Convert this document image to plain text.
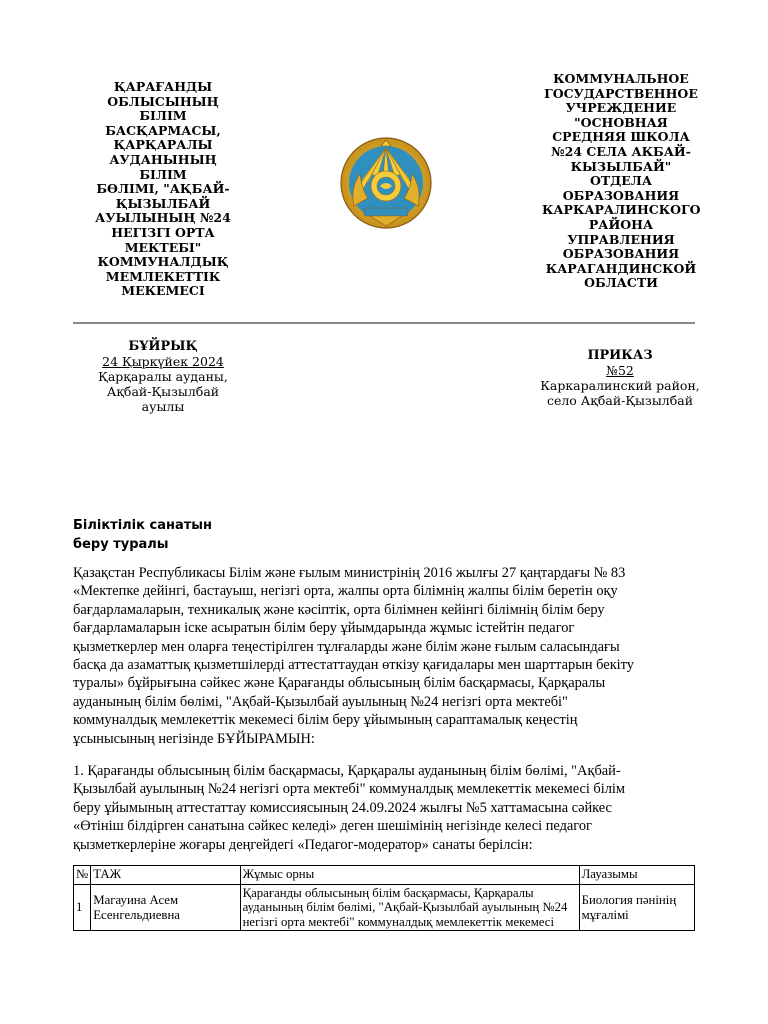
ҚАРАҒАНДЫ
ОБЛЫСЫНЫҢ
БІЛІМ
БАСҚАРМАСЫ,
ҚАРҚАРАЛЫ
АУДАНЫНЫҢ БІЛІМ
БӨЛІМІ, "АҚБАЙ-
ҚЫЗЫЛБАЙ
АУЫЛЫНЫҢ №24
НЕГІЗГІ ОРТА
МЕКТЕБІ"
КОММУНАЛДЫҚ
МЕМЛЕКЕТТІК
МЕКЕМЕСІ
КОММУНАЛЬНОЕ
ГОСУДАРСТВЕННОЕ
УЧРЕЖДЕНИЕ
"ОСНОВНАЯ
СРЕДНЯЯ ШКОЛА
№24 СЕЛА АКБАЙ-
КЫЗЫЛБАЙ"
ОТДЕЛА
ОБРАЗОВАНИЯ
КАРКАРАЛИНСКОГО
РАЙОНА
УПРАВЛЕНИЯ
ОБРАЗОВАНИЯ
КАРАГАНДИНСКОЙ
ОБЛАСТИ
БҰЙРЫҚ
24 Қыркүйек 2024
Қарқаралы ауданы,
Ақбай-Қызылбай
ауылы
ПРИКАЗ
№52
Каркаралинский район,
село Ақбай-Қызылбай
Біліктілік санатын
беру туралы
Қазақстан Республикасы Білім және ғылым министрінің 2016 жылғы 27 қаңтардағы № 83
«Мектепке дейінгі, бастауыш, негізгі орта, жалпы орта білімнің жалпы білім беретін оқу
бағдарламаларын, техникалық және кәсіптік, орта білімнен кейінгі білімнің білім беру
бағдарламаларын іске асыратын білім беру ұйымдарында жұмыс істейтін педагог
қызметкерлер мен оларға теңестірілген тұлғаларды және білім және ғылым саласындағы
басқа да азаматтық қызметшілерді аттестаттаудан өткізу қағидалары мен шарттарын бекіту
туралы» бұйрығына сәйкес және Қарағанды облысының білім басқармасы, Қарқаралы
ауданының білім бөлімі, "Ақбай-Қызылбай ауылының №24 негізгі орта мектебі"
коммуналдық мемлекеттік мекемесі білім беру ұйымының сараптамалық кеңестің
ұсынысының негізінде БҰЙЫРАМЫН:
1. Қарағанды облысының білім басқармасы, Қарқаралы ауданының білім бөлімі, "Ақбай-
Қызылбай ауылының №24 негізгі орта мектебі" коммуналдық мемлекеттік мекемесі білім
беру ұйымының аттестаттау комиссиясының 24.09.2024 жылғы №5 хаттамасына сәйкес
«Өтініш білдірген санатына сәйкес келеді» деген шешімінің негізінде келесі педагог
қызметкерлеріне жоғары деңгейдегі «Педагог-модератор» санаты берілсін:
№	ТАЖ	Жұмыс орны	Лауазымы
1	Магауина Асем Есенгельдиевна	Қарағанды облысының білім басқармасы, Қарқаралы ауданының білім бөлімі, "Ақбай-Қызылбай ауылының №24 негізгі орта мектебі" коммуналдық мемлекеттік мекемесі	Биология пәнінің мұғалімі
